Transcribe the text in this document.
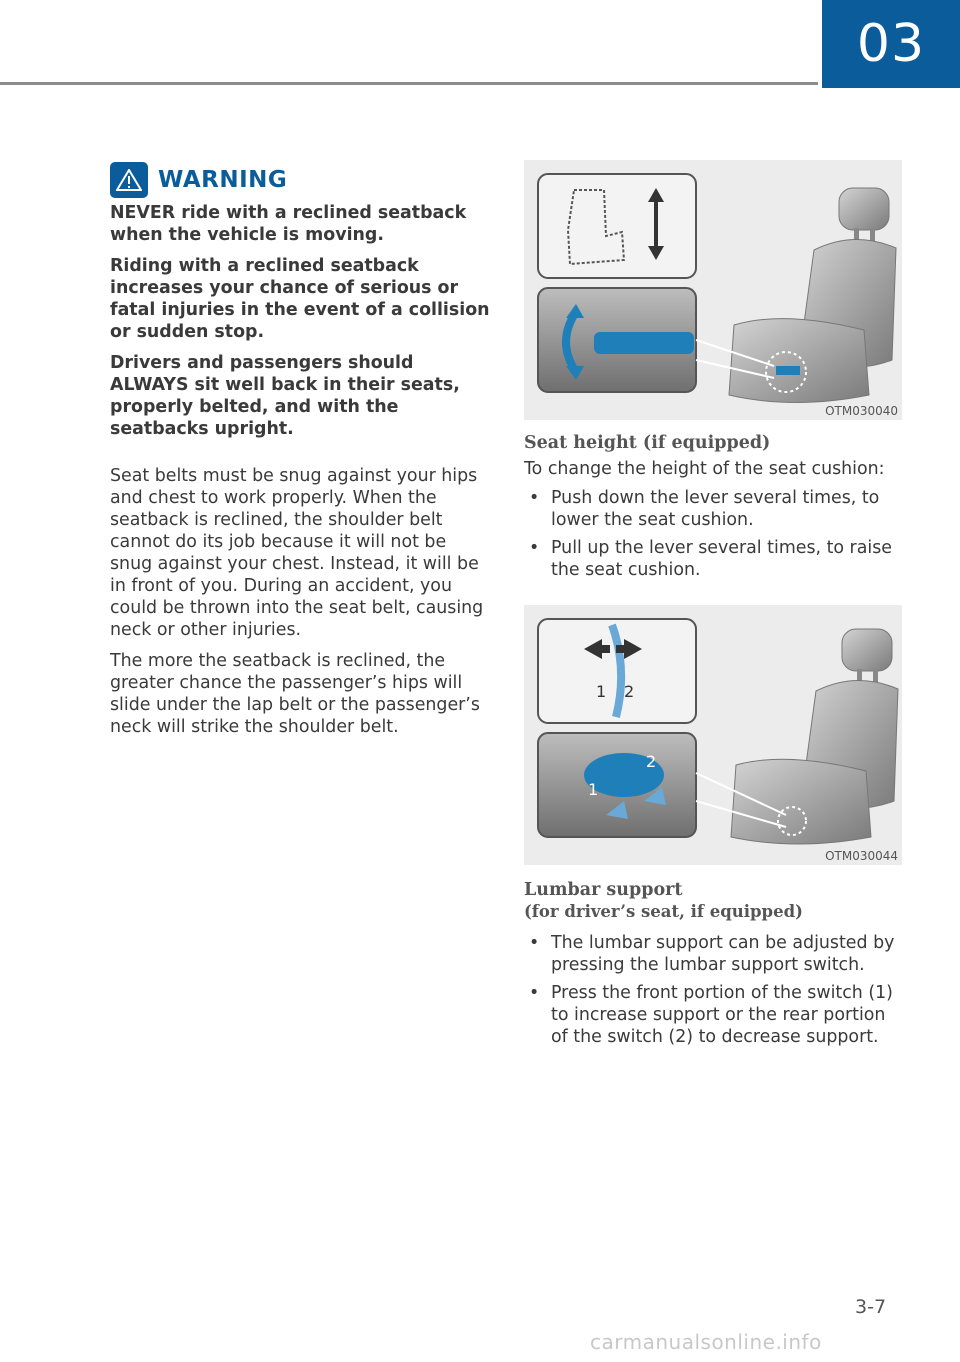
03
WARNING

NEVER ride with a reclined seatback when the vehicle is moving.

Riding with a reclined seatback increases your chance of serious or fatal injuries in the event of a collision or sudden stop.

Drivers and passengers should ALWAYS sit well back in their seats, properly belted, and with the seatbacks upright.

Seat belts must be snug against your hips and chest to work properly. When the seatback is reclined, the shoulder belt cannot do its job because it will not be snug against your chest. Instead, it will be in front of you. During an accident, you could be thrown into the seat belt, causing neck or other injuries.

The more the seatback is reclined, the greater chance the passenger’s hips will slide under the lap belt or the passenger’s neck will strike the shoulder belt.

OTM030040

Seat height (if equipped)

To change the height of the seat cushion:

• Push down the lever several times, to lower the seat cushion.
• Pull up the lever several times, to raise the seat cushion.
1 2
1
2
OTM030044

Lumbar support

(for driver’s seat, if equipped)

• The lumbar support can be adjusted by pressing the lumbar support switch.
• Press the front portion of the switch (1) to increase support or the rear portion of the switch (2) to decrease support.
3-7
carmanualsonline.info
